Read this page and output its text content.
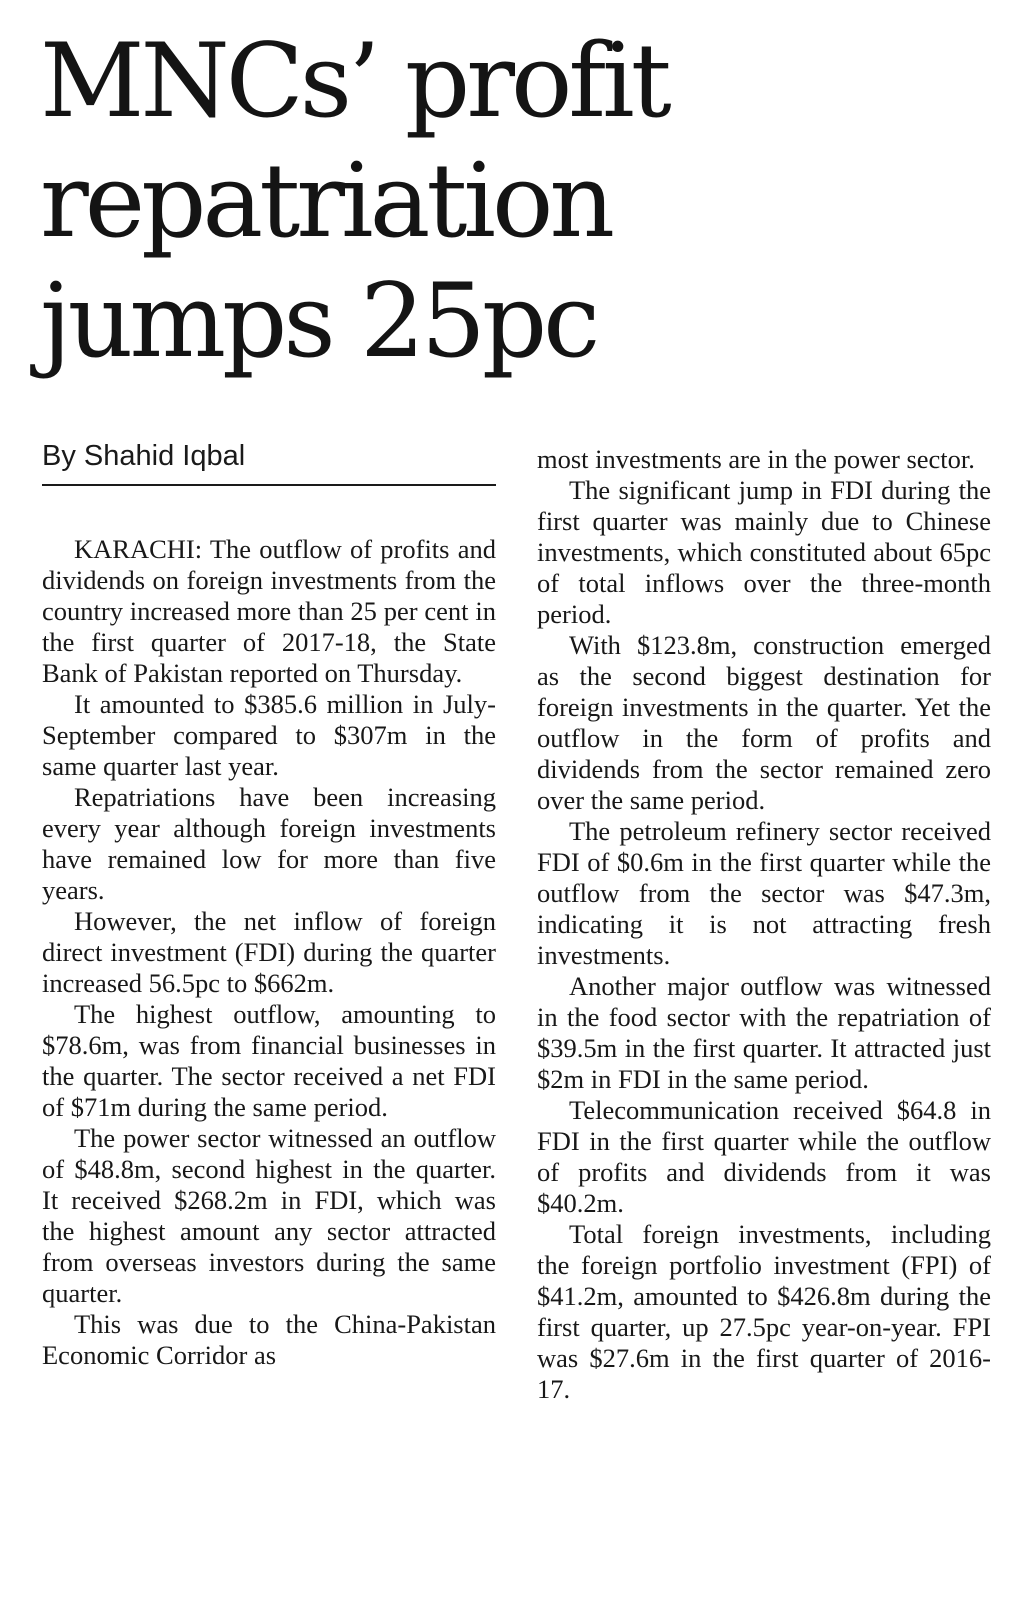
MNCs’ profit
repatriation
jumps 25pc
By Shahid Iqbal

KARACHI: The outflow of profits and dividends on foreign investments from the country increased more than 25 per cent in the first quarter of 2017-18, the State Bank of Pakistan reported on Thursday.

It amounted to $385.6 million in July-September compared to $307m in the same quarter last year.

Repatriations have been increasing every year although foreign investments have remained low for more than five years.

However, the net inflow of foreign direct investment (FDI) during the quarter increased 56.5pc to $662m.

The highest outflow, amounting to $78.6m, was from financial businesses in the quarter. The sector received a net FDI of $71m during the same period.

The power sector witnessed an outflow of $48.8m, second highest in the quarter. It received $268.2m in FDI, which was the highest amount any sector attracted from overseas investors during the same quarter.

This was due to the China-Pakistan Economic Corridor as

most investments are in the power sector.

The significant jump in FDI during the first quarter was mainly due to Chinese investments, which constituted about 65pc of total inflows over the three-month period.

With $123.8m, construction emerged as the second biggest destination for foreign investments in the quarter. Yet the outflow in the form of profits and dividends from the sector remained zero over the same period.

The petroleum refinery sector received FDI of $0.6m in the first quarter while the outflow from the sector was $47.3m, indicating it is not attracting fresh investments.

Another major outflow was witnessed in the food sector with the repatriation of $39.5m in the first quarter. It attracted just $2m in FDI in the same period.

Telecommunication received $64.8 in FDI in the first quarter while the outflow of profits and dividends from it was $40.2m.

Total foreign investments, including the foreign portfolio investment (FPI) of $41.2m, amounted to $426.8m during the first quarter, up 27.5pc year-on-year. FPI was $27.6m in the first quarter of 2016-17.
